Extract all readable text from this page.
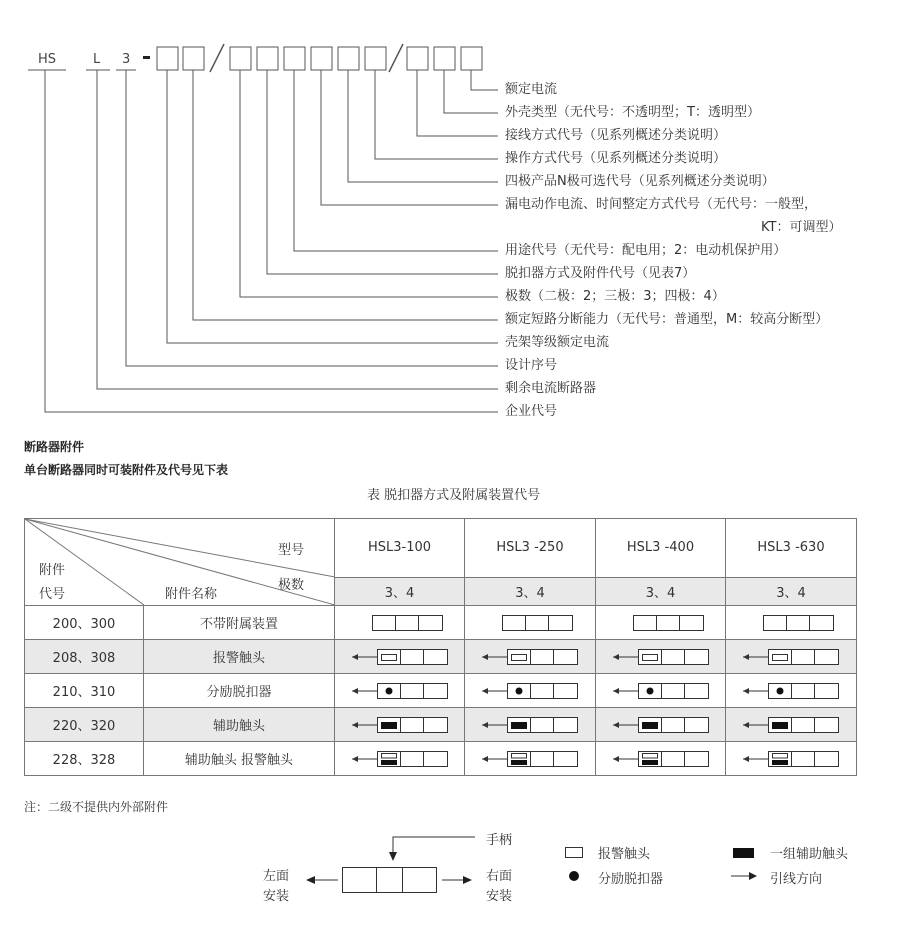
HS	L 3
额定电流
外壳类型（无代号：不透明型；T：透明型）
接线方式代号（见系列概述分类说明）
操作方式代号（见系列概述分类说明）
四极产品N极可选代号（见系列概述分类说明）
漏电动作电流、时间整定方式代号（无代号：一般型，
KT：可调型）
用途代号（无代号：配电用；2：电动机保护用）
脱扣器方式及附件代号（见表7）
极数（二极：2；三极：3；四极：4）
额定短路分断能力（无代号：普通型，M：较高分断型）
壳架等级额定电流
设计序号
剩余电流断路器
企业代号
断路器附件
单台断路器同时可装附件及代号见下表
表 脱扣器方式及附属装置代号
型号
极数
附件
代号 附件名称		HSL3-100	HSL3 -250	HSL3 -400	HSL3 -630
		3、4	3、4	3、4	3、4
200、300	不带附属装置				
208、308	报警触头				
210、310	分励脱扣器				
220、320	辅助触头				
228、328	辅助触头 报警触头				
注：二级不提供内外部附件
手柄
左面
安装
右面
安装
报警触头
分励脱扣器
一组辅助触头
引线方向
